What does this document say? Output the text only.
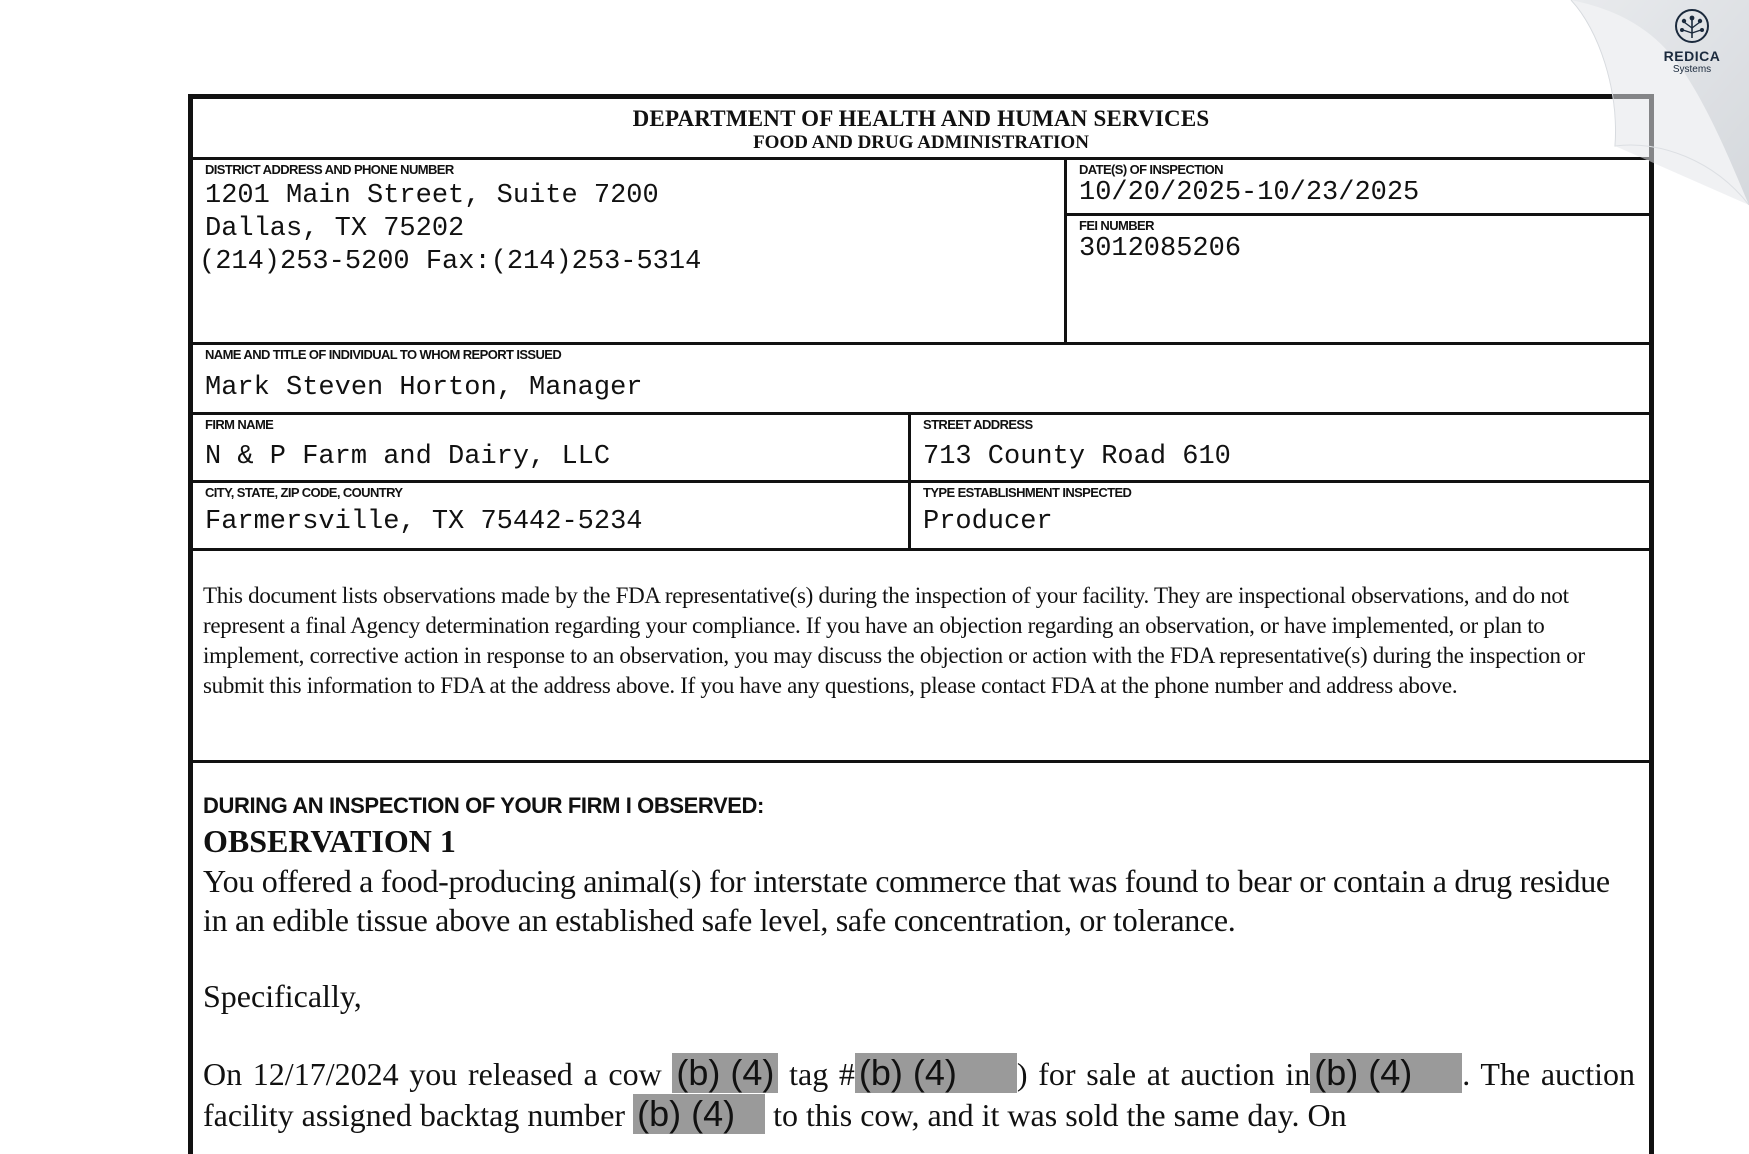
DEPARTMENT OF HEALTH AND HUMAN SERVICES
FOOD AND DRUG ADMINISTRATION
DISTRICT ADDRESS AND PHONE NUMBER
1201 Main Street, Suite 7200
Dallas, TX 75202
(214)253-5200 Fax:(214)253-5314
DATE(S) OF INSPECTION
10/20/2025-10/23/2025
FEI NUMBER
3012085206
NAME AND TITLE OF INDIVIDUAL TO WHOM REPORT ISSUED
Mark Steven Horton, Manager
FIRM NAME
N & P Farm and Dairy, LLC
STREET ADDRESS
713 County Road 610
CITY, STATE, ZIP CODE, COUNTRY
Farmersville, TX 75442-5234
TYPE ESTABLISHMENT INSPECTED
Producer
This document lists observations made by the FDA representative(s) during the inspection of your facility. They are inspectional observations, and do not represent a final Agency determination regarding your compliance. If you have an objection regarding an observation, or have implemented, or plan to implement, corrective action in response to an observation, you may discuss the objection or action with the FDA representative(s) during the inspection or submit this information to FDA at the address above. If you have any questions, please contact FDA at the phone number and address above.
DURING AN INSPECTION OF YOUR FIRM I OBSERVED:
OBSERVATION 1
You offered a food-producing animal(s) for interstate commerce that was found to bear or contain a drug residue in an edible tissue above an established safe level, safe concentration, or tolerance.
Specifically,
On 12/17/2024 you released a cow (b) (4) tag # (b) (4) ) for sale at auction in (b) (4) . The auction facility assigned backtag number (b) (4) to this cow, and it was sold the same day. On
REDICA
Systems
